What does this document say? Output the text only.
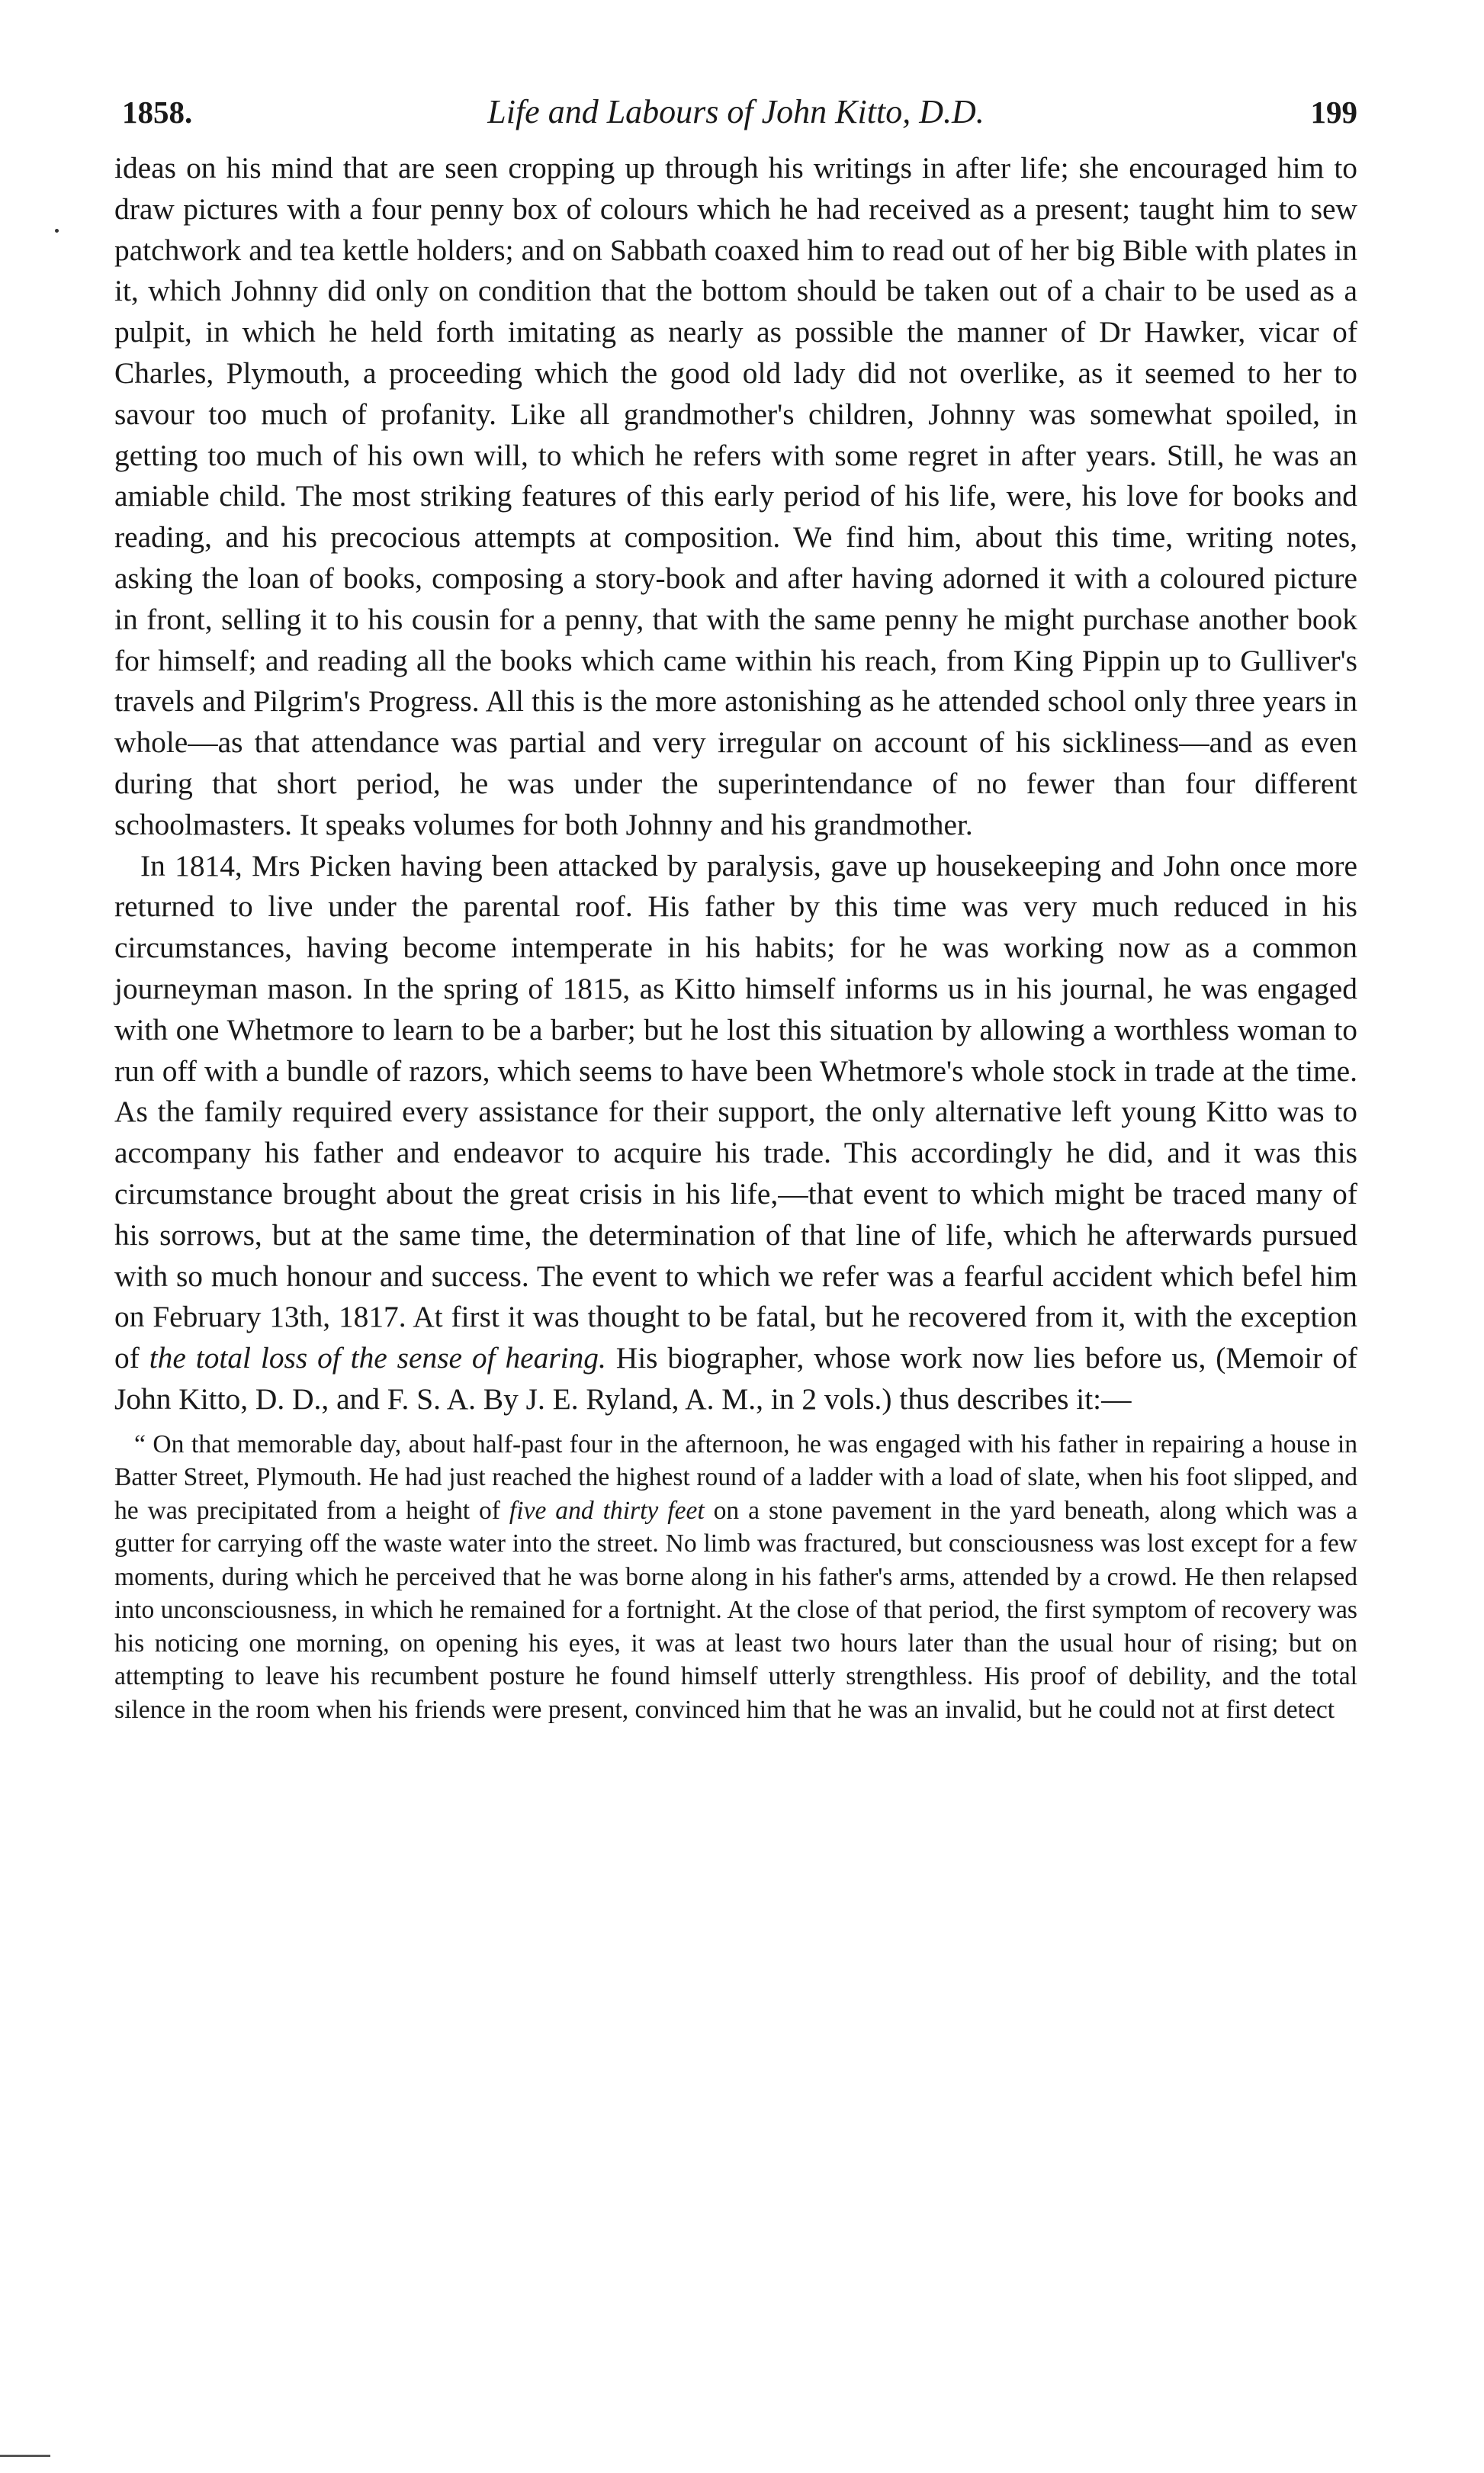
1858.	Life and Labours of John Kitto, D.D.	199

ideas on his mind that are seen cropping up through his writings in after life; she encouraged him to draw pictures with a four penny box of colours which he had received as a present; taught him to sew patchwork and tea kettle holders; and on Sabbath coaxed him to read out of her big Bible with plates in it, which Johnny did only on condition that the bottom should be taken out of a chair to be used as a pulpit, in which he held forth imitating as nearly as possible the manner of Dr Hawker, vicar of Charles, Plymouth, a proceeding which the good old lady did not overlike, as it seemed to her to savour too much of profanity. Like all grandmother's children, Johnny was somewhat spoiled, in getting too much of his own will, to which he refers with some regret in after years. Still, he was an amiable child. The most striking features of this early period of his life, were, his love for books and reading, and his precocious attempts at composition. We find him, about this time, writing notes, asking the loan of books, composing a story-book and after having adorned it with a coloured picture in front, selling it to his cousin for a penny, that with the same penny he might purchase another book for himself; and reading all the books which came within his reach, from King Pippin up to Gulliver's travels and Pilgrim's Progress. All this is the more astonishing as he attended school only three years in whole—as that attendance was partial and very irregular on account of his sickliness—and as even during that short period, he was under the superintendance of no fewer than four different schoolmasters. It speaks volumes for both Johnny and his grandmother.

In 1814, Mrs Picken having been attacked by paralysis, gave up housekeeping and John once more returned to live under the parental roof. His father by this time was very much reduced in his circumstances, having become intemperate in his habits; for he was working now as a common journeyman mason. In the spring of 1815, as Kitto himself informs us in his journal, he was engaged with one Whetmore to learn to be a barber; but he lost this situation by allowing a worthless woman to run off with a bundle of razors, which seems to have been Whetmore's whole stock in trade at the time. As the family required every assistance for their support, the only alternative left young Kitto was to accompany his father and endeavor to acquire his trade. This accordingly he did, and it was this circumstance brought about the great crisis in his life,—that event to which might be traced many of his sorrows, but at the same time, the determination of that line of life, which he afterwards pursued with so much honour and success. The event to which we refer was a fearful accident which befel him on February 13th, 1817. At first it was thought to be fatal, but he recovered from it, with the exception of the total loss of the sense of hearing. His biographer, whose work now lies before us, (Memoir of John Kitto, D. D., and F. S. A. By J. E. Ryland, A. M., in 2 vols.) thus describes it:—

“ On that memorable day, about half-past four in the afternoon, he was engaged with his father in repairing a house in Batter Street, Plymouth. He had just reached the highest round of a ladder with a load of slate, when his foot slipped, and he was precipitated from a height of five and thirty feet on a stone pavement in the yard beneath, along which was a gutter for carrying off the waste water into the street. No limb was fractured, but consciousness was lost except for a few moments, during which he perceived that he was borne along in his father's arms, attended by a crowd. He then relapsed into unconsciousness, in which he remained for a fortnight. At the close of that period, the first symptom of recovery was his noticing one morning, on opening his eyes, it was at least two hours later than the usual hour of rising; but on attempting to leave his recumbent posture he found himself utterly strengthless. His proof of debility, and the total silence in the room when his friends were present, convinced him that he was an invalid, but he could not at first detect
